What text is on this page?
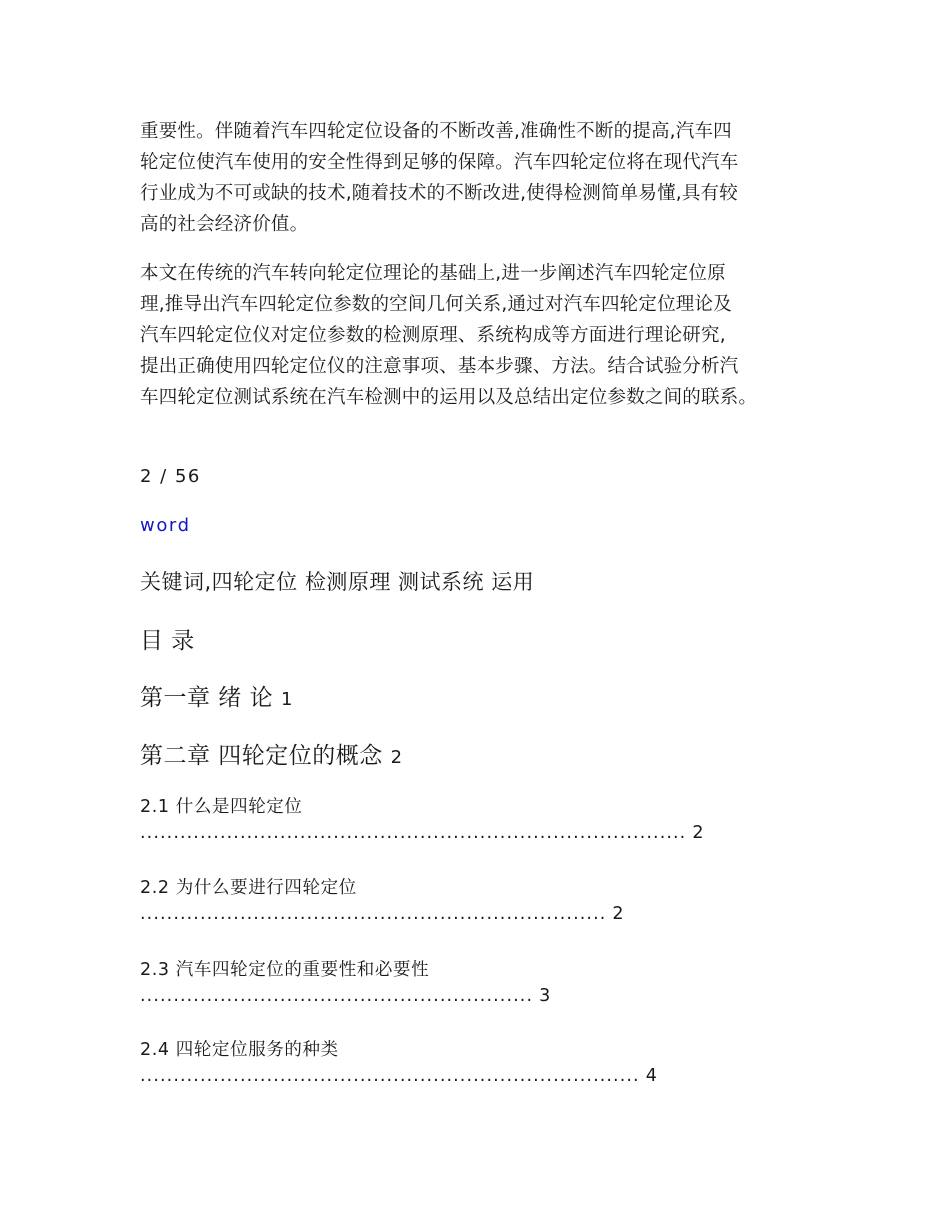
重要性。伴随着汽车四轮定位设备的不断改善,准确性不断的提高,汽车四
轮定位使汽车使用的安全性得到足够的保障。汽车四轮定位将在现代汽车
行业成为不可或缺的技术,随着技术的不断改进,使得检测简单易懂,具有较
高的社会经济价值。

本文在传统的汽车转向轮定位理论的基础上,进一步阐述汽车四轮定位原
理,推导出汽车四轮定位参数的空间几何关系,通过对汽车四轮定位理论及
汽车四轮定位仪对定位参数的检测原理、系统构成等方面进行理论研究,
提出正确使用四轮定位仪的注意事项、基本步骤、方法。结合试验分析汽
车四轮定位测试系统在汽车检测中的运用以及总结出定位参数之间的联系。

2 / 56
word
关键词,四轮定位 检测原理 测试系统 运用
目 录
第一章 绪 论 1
第二章 四轮定位的概念 2
2.1 什么是四轮定位
.................................................................................. 2
2.2 为什么要进行四轮定位
...................................................................... 2
2.3 汽车四轮定位的重要性和必要性
........................................................... 3
2.4 四轮定位服务的种类
........................................................................... 4
